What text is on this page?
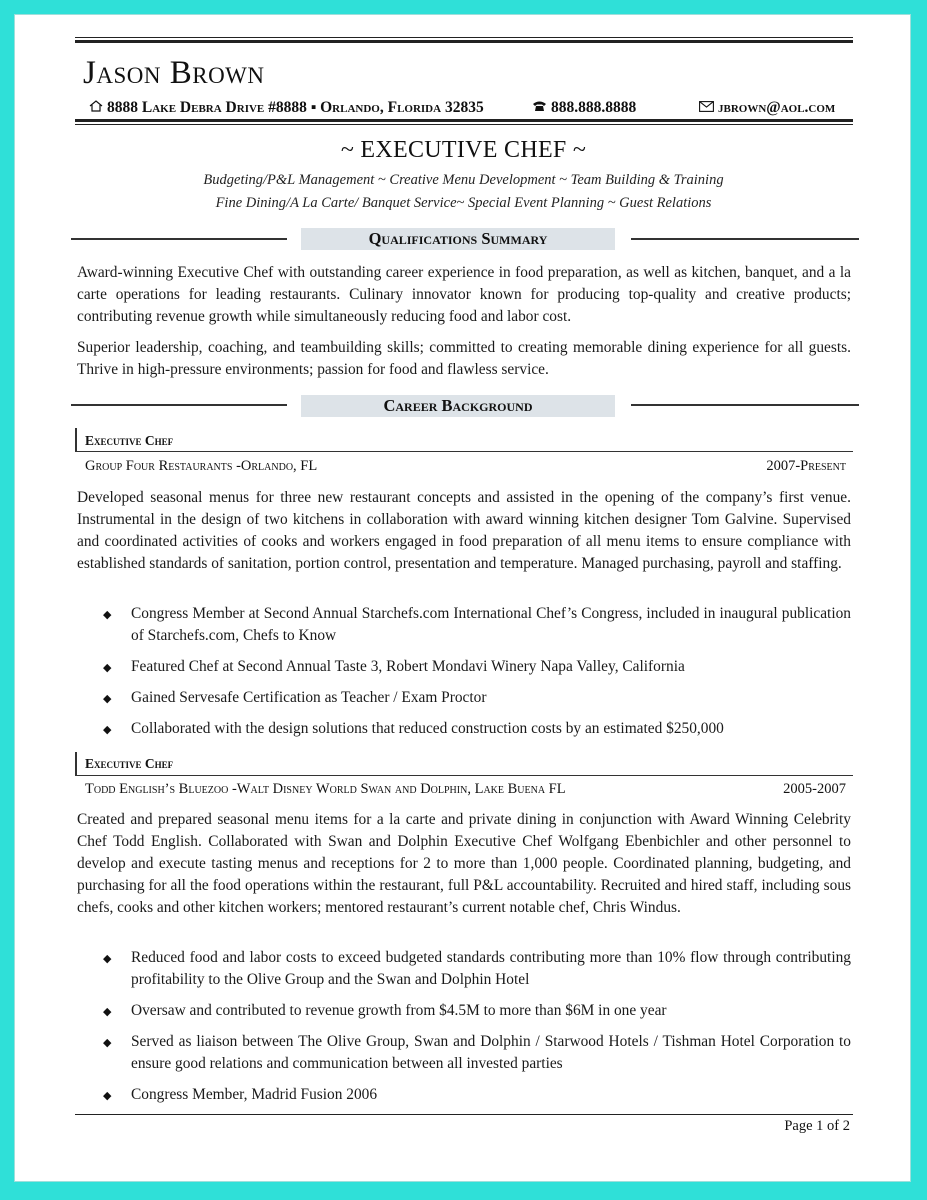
Jason Brown
8888 Lake Debra Drive #8888 ▪ Orlando, Florida 32835	888.888.8888	jbrown@aol.com
~ EXECUTIVE CHEF ~
Budgeting/P&L Management ~ Creative Menu Development ~ Team Building & Training
Fine Dining/A La Carte/ Banquet Service~ Special Event Planning ~ Guest Relations
Qualifications Summary
Award-winning Executive Chef with outstanding career experience in food preparation, as well as kitchen, banquet, and a la carte operations for leading restaurants. Culinary innovator known for producing top-quality and creative products; contributing revenue growth while simultaneously reducing food and labor cost.
Superior leadership, coaching, and teambuilding skills; committed to creating memorable dining experience for all guests. Thrive in high-pressure environments; passion for food and flawless service.
Career Background
Executive Chef
Group Four Restaurants -Orlando, FL	2007-Present
Developed seasonal menus for three new restaurant concepts and assisted in the opening of the company’s first venue. Instrumental in the design of two kitchens in collaboration with award winning kitchen designer Tom Galvine. Supervised and coordinated activities of cooks and workers engaged in food preparation of all menu items to ensure compliance with established standards of sanitation, portion control, presentation and temperature. Managed purchasing, payroll and staffing.
◆ Congress Member at Second Annual Starchefs.com International Chef’s Congress, included in inaugural publication of Starchefs.com, Chefs to Know
◆ Featured Chef at Second Annual Taste 3, Robert Mondavi Winery Napa Valley, California
◆ Gained Servesafe Certification as Teacher / Exam Proctor
◆ Collaborated with the design solutions that reduced construction costs by an estimated $250,000
Executive Chef
Todd English’s Bluezoo -Walt Disney World Swan and Dolphin, Lake Buena FL	2005-2007
Created and prepared seasonal menu items for a la carte and private dining in conjunction with Award Winning Celebrity Chef Todd English. Collaborated with Swan and Dolphin Executive Chef Wolfgang Ebenbichler and other personnel to develop and execute tasting menus and receptions for 2 to more than 1,000 people. Coordinated planning, budgeting, and purchasing for all the food operations within the restaurant, full P&L accountability. Recruited and hired staff, including sous chefs, cooks and other kitchen workers; mentored restaurant’s current notable chef, Chris Windus.
◆ Reduced food and labor costs to exceed budgeted standards contributing more than 10% flow through contributing profitability to the Olive Group and the Swan and Dolphin Hotel
◆ Oversaw and contributed to revenue growth from $4.5M to more than $6M in one year
◆ Served as liaison between The Olive Group, Swan and Dolphin / Starwood Hotels / Tishman Hotel Corporation to ensure good relations and communication between all invested parties
◆ Congress Member, Madrid Fusion 2006
Page 1 of 2
